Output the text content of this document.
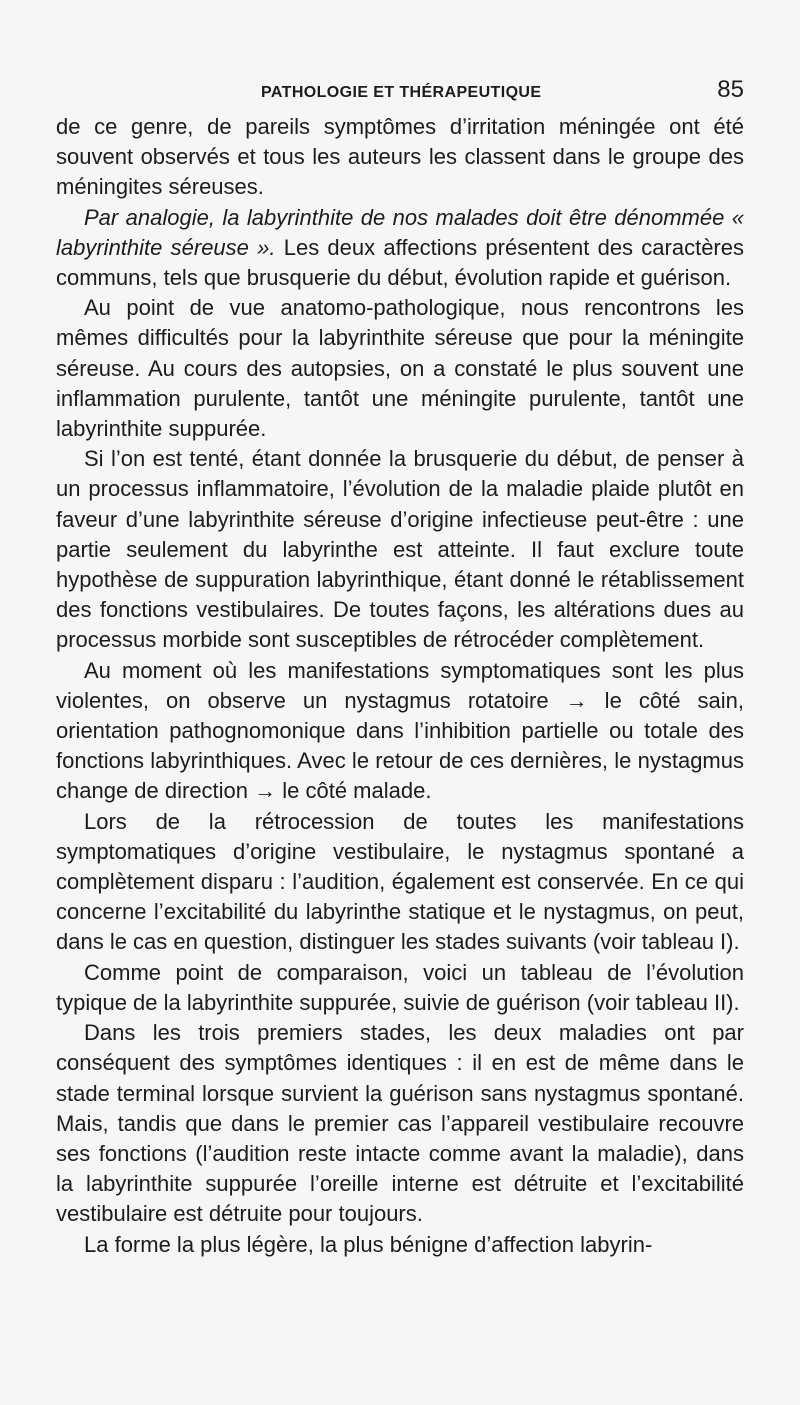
PATHOLOGIE ET THÉRAPEUTIQUE	85

de ce genre, de pareils symptômes d’irritation méningée ont été souvent observés et tous les auteurs les classent dans le groupe des méningites séreuses.

Par analogie, la labyrinthite de nos malades doit être dénommée « labyrinthite séreuse ». Les deux affections présentent des caractères communs, tels que brusquerie du début, évolution rapide et guérison.

Au point de vue anatomo-pathologique, nous rencontrons les mêmes difficultés pour la labyrinthite séreuse que pour la méningite séreuse. Au cours des autopsies, on a constaté le plus souvent une inflammation purulente, tantôt une méningite purulente, tantôt une labyrinthite suppurée.

Si l’on est tenté, étant donnée la brusquerie du début, de penser à un processus inflammatoire, l’évolution de la maladie plaide plutôt en faveur d’une labyrinthite séreuse d’origine infectieuse peut-être : une partie seulement du labyrinthe est atteinte. Il faut exclure toute hypothèse de suppuration labyrinthique, étant donné le rétablissement des fonctions vestibulaires. De toutes façons, les altérations dues au processus morbide sont susceptibles de rétrocéder complètement.

Au moment où les manifestations symptomatiques sont les plus violentes, on observe un nystagmus rotatoire → le côté sain, orientation pathognomonique dans l’inhibition partielle ou totale des fonctions labyrinthiques. Avec le retour de ces dernières, le nystagmus change de direction → le côté malade.

Lors de la rétrocession de toutes les manifestations symptomatiques d’origine vestibulaire, le nystagmus spontané a complètement disparu : l’audition, également est conservée. En ce qui concerne l’excitabilité du labyrinthe statique et le nystagmus, on peut, dans le cas en question, distinguer les stades suivants (voir tableau I).

Comme point de comparaison, voici un tableau de l’évolution typique de la labyrinthite suppurée, suivie de guérison (voir tableau II).

Dans les trois premiers stades, les deux maladies ont par conséquent des symptômes identiques : il en est de même dans le stade terminal lorsque survient la guérison sans nystagmus spontané. Mais, tandis que dans le premier cas l’appareil vestibulaire recouvre ses fonctions (l’audition reste intacte comme avant la maladie), dans la labyrinthite suppurée l’oreille interne est détruite et l’excitabilité vestibulaire est détruite pour toujours.

La forme la plus légère, la plus bénigne d’affection labyrin-
